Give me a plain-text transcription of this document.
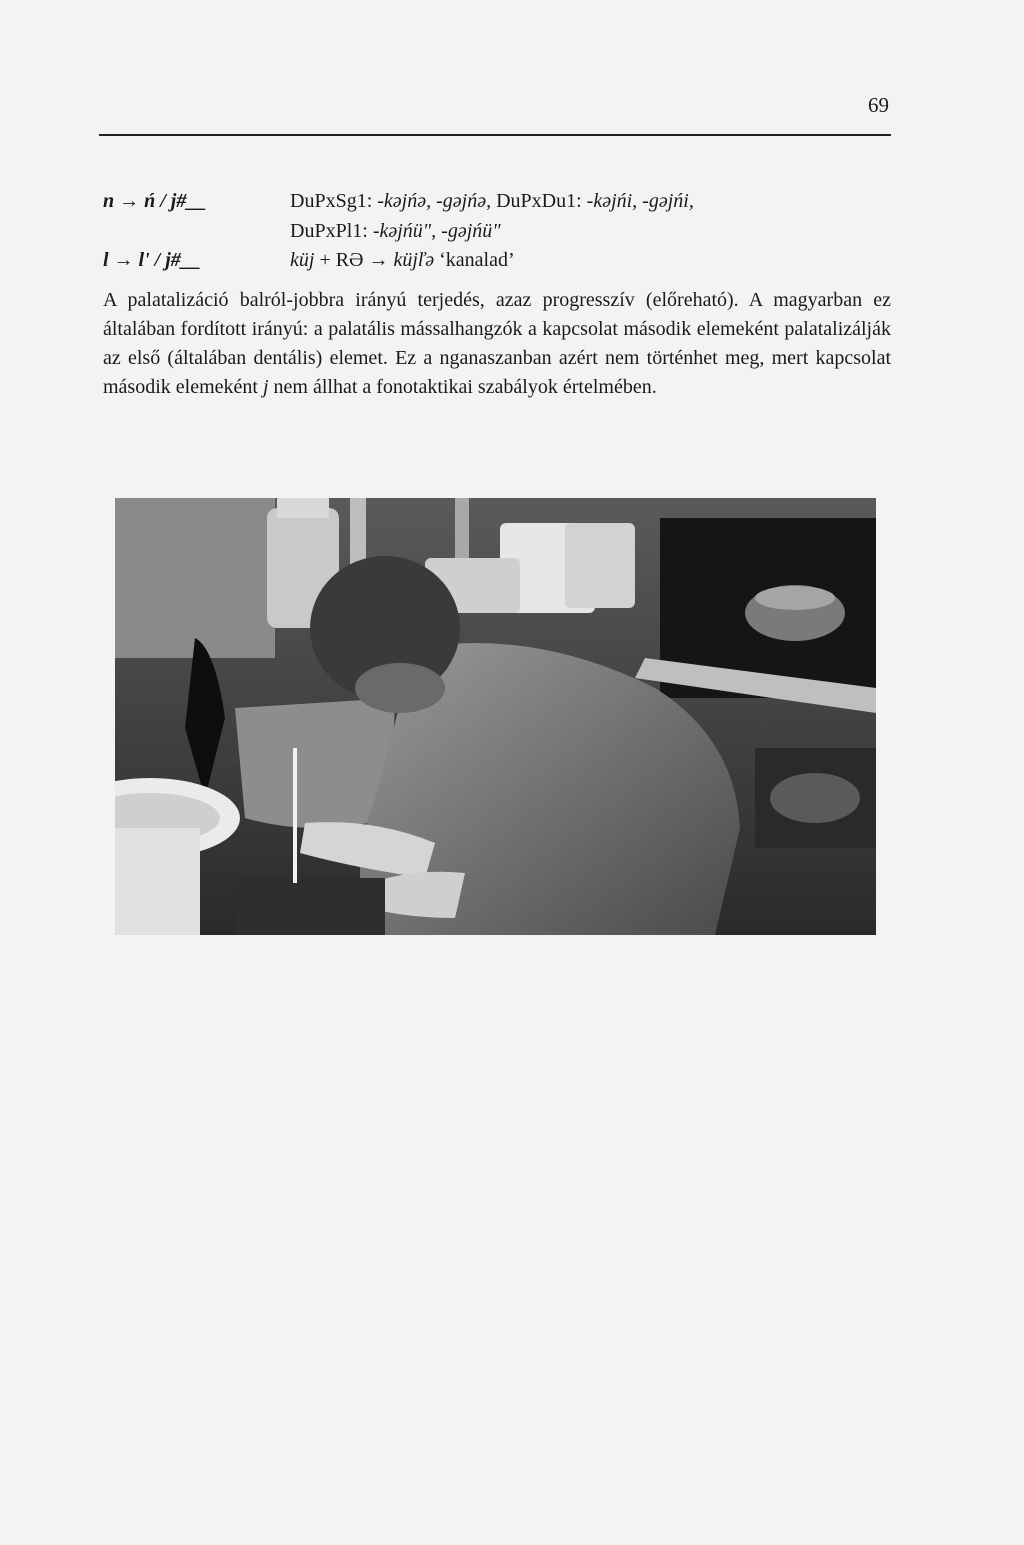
69
n → ń / j#__	DuPxSg1: -kəjńə, -gəjńə, DuPxDu1: -kəjńi, -gəjńi,
DuPxPl1: -kəjńü", -gəjńü"
l → l' / j#__	küj + RƏ → küjľə ‘kanalad’

A palatalizáció balról-jobbra irányú terjedés, azaz progresszív (előreható). A magyarban ez általában fordított irányú: a palatális mássalhangzók a kapcsolat második elemeként palatalizálják az első (általában dentális) elemet. Ez a nganaszanban azért nem történhet meg, mert kapcsolat második elemeként j nem állhat a fonotaktikai szabályok értelmében.
